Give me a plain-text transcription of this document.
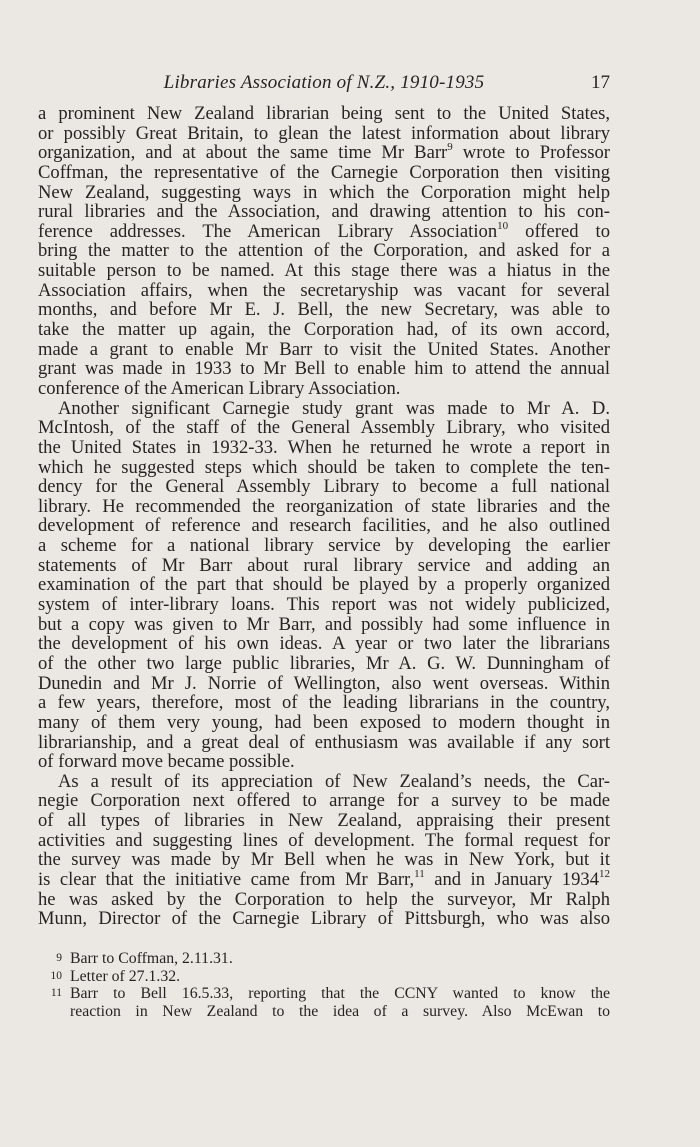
Libraries Association of N.Z., 1910-1935	17
a prominent New Zealand librarian being sent to the United States,
or possibly Great Britain, to glean the latest information about library
organization, and at about the same time Mr Barr$^9$ wrote to Professor
Coffman, the representative of the Carnegie Corporation then visiting
New Zealand, suggesting ways in which the Corporation might help
rural libraries and the Association, and drawing attention to his con-
ference addresses. The American Library Association$^{10}$ offered to
bring the matter to the attention of the Corporation, and asked for a
suitable person to be named. At this stage there was a hiatus in the
Association affairs, when the secretaryship was vacant for several
months, and before Mr E. J. Bell, the new Secretary, was able to
take the matter up again, the Corporation had, of its own accord,
made a grant to enable Mr Barr to visit the United States. Another
grant was made in 1933 to Mr Bell to enable him to attend the annual
conference of the American Library Association.
Another significant Carnegie study grant was made to Mr A. D.
McIntosh, of the staff of the General Assembly Library, who visited
the United States in 1932-33. When he returned he wrote a report in
which he suggested steps which should be taken to complete the ten-
dency for the General Assembly Library to become a full national
library. He recommended the reorganization of state libraries and the
development of reference and research facilities, and he also outlined
a scheme for a national library service by developing the earlier
statements of Mr Barr about rural library service and adding an
examination of the part that should be played by a properly organized
system of inter-library loans. This report was not widely publicized,
but a copy was given to Mr Barr, and possibly had some influence in
the development of his own ideas. A year or two later the librarians
of the other two large public libraries, Mr A. G. W. Dunningham of
Dunedin and Mr J. Norrie of Wellington, also went overseas. Within
a few years, therefore, most of the leading librarians in the country,
many of them very young, had been exposed to modern thought in
librarianship, and a great deal of enthusiasm was available if any sort
of forward move became possible.
As a result of its appreciation of New Zealand’s needs, the Car-
negie Corporation next offered to arrange for a survey to be made
of all types of libraries in New Zealand, appraising their present
activities and suggesting lines of development. The formal request for
the survey was made by Mr Bell when he was in New York, but it
is clear that the initiative came from Mr Barr,$^{11}$ and in January 1934$^{12}$
he was asked by the Corporation to help the surveyor, Mr Ralph
Munn, Director of the Carnegie Library of Pittsburgh, who was also
9 Barr to Coffman, 2.11.31.
10 Letter of 27.1.32.
11 Barr to Bell 16.5.33, reporting that the CCNY wanted to know the
reaction in New Zealand to the idea of a survey. Also McEwan to
